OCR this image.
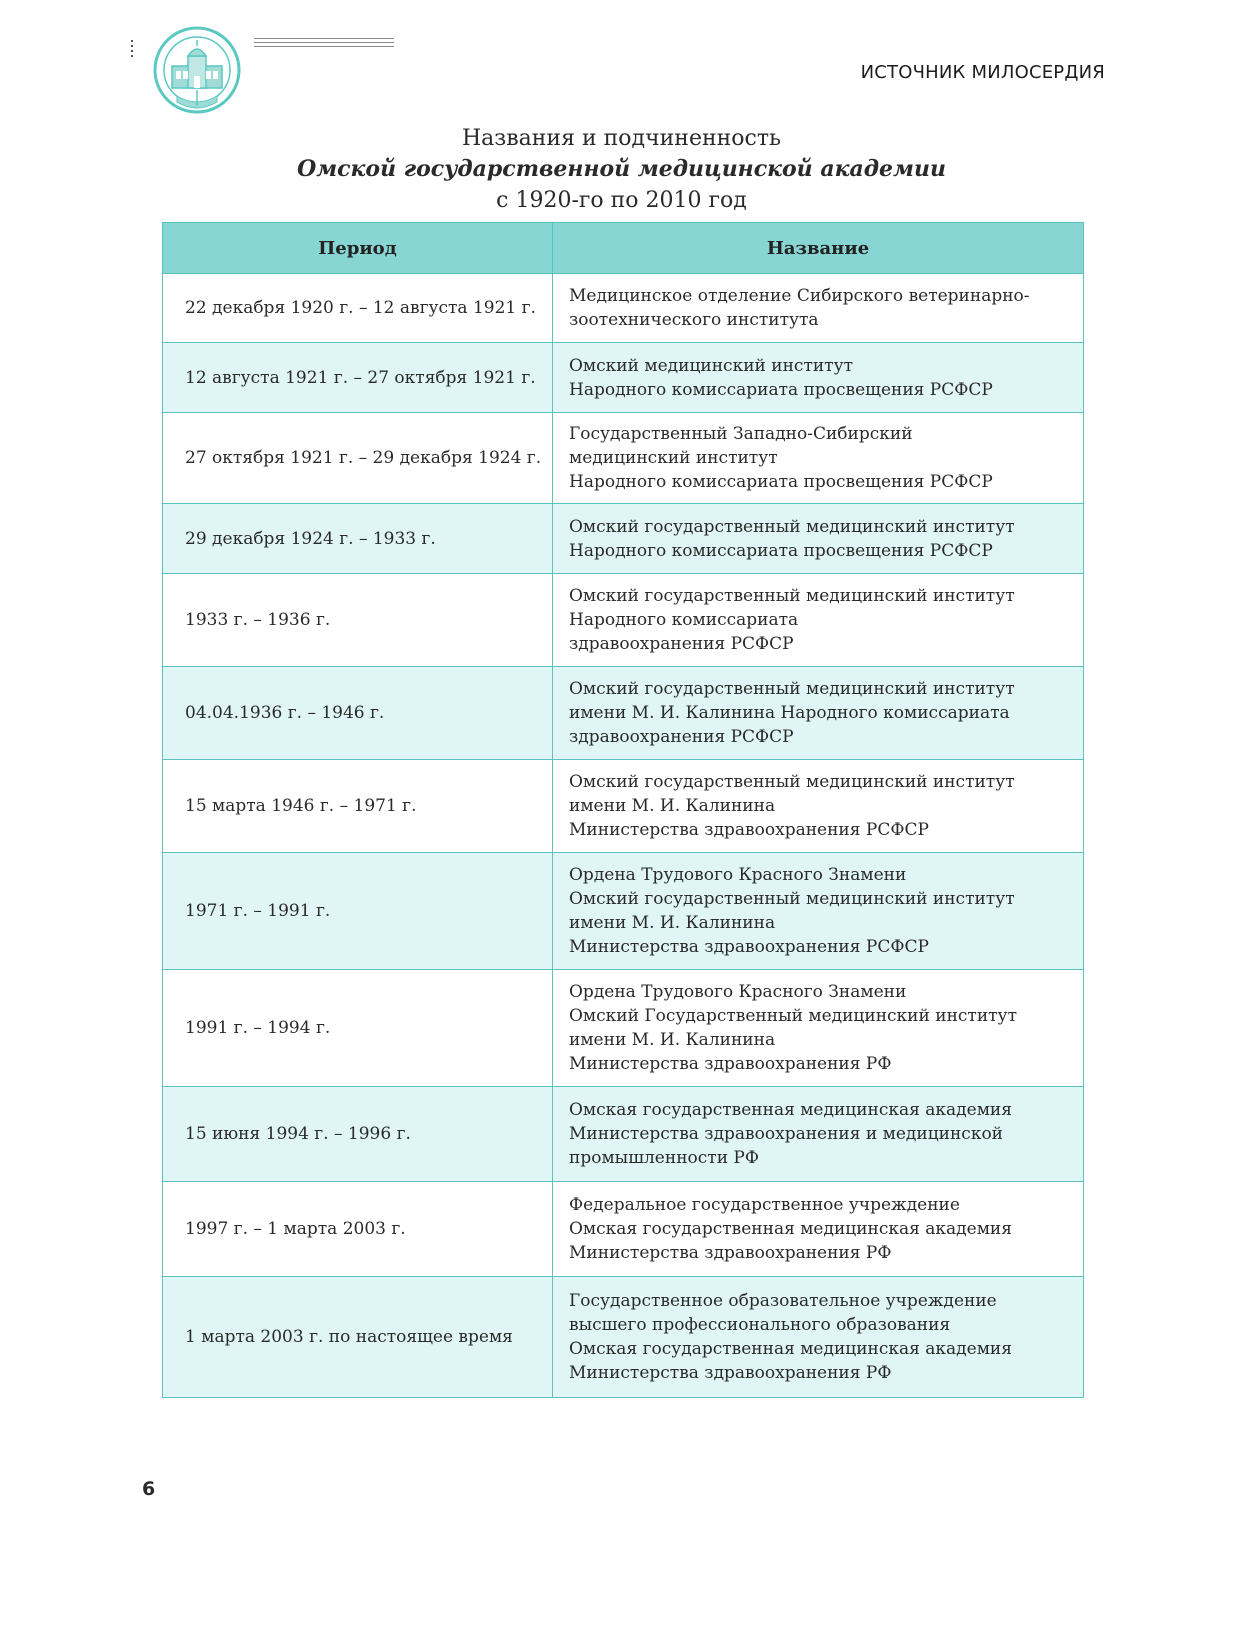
ИСТОЧНИК МИЛОСЕРДИЯ
Названия и подчиненность
Омской государственной медицинской академии
с 1920-го по 2010 год
Период	Название
22 декабря 1920 г. – 12 августа 1921 г.	Медицинское отделение Сибирского ветеринарно-
зоотехнического института

12 августа 1921 г. – 27 октября 1921 г.	Омский медицинский институт
Народного комиссариата просвещения РСФСР

27 октября 1921 г. – 29 декабря 1924 г.	Государственный Западно-Сибирский
медицинский институт
Народного комиссариата просвещения РСФСР

29 декабря 1924 г. – 1933 г.	Омский государственный медицинский институт
Народного комиссариата просвещения РСФСР

1933 г. – 1936 г.	Омский государственный медицинский институт
Народного комиссариата
здравоохранения РСФСР

04.04.1936 г. – 1946 г.	Омский государственный медицинский институт
имени М. И. Калинина Народного комиссариата
здравоохранения РСФСР

15 марта 1946 г. – 1971 г.	Омский государственный медицинский институт
имени М. И. Калинина
Министерства здравоохранения РСФСР

1971 г. – 1991 г.	Ордена Трудового Красного Знамени
Омский государственный медицинский институт
имени М. И. Калинина
Министерства здравоохранения РСФСР

1991 г. – 1994 г.	Ордена Трудового Красного Знамени
Омский Государственный медицинский институт
имени М. И. Калинина
Министерства здравоохранения РФ

15 июня 1994 г. – 1996 г.	Омская государственная медицинская академия
Министерства здравоохранения и медицинской
промышленности РФ

1997 г. – 1 марта 2003 г.	Федеральное государственное учреждение
Омская государственная медицинская академия
Министерства здравоохранения РФ

1 марта 2003 г. по настоящее время	Государственное образовательное учреждение
высшего профессионального образования
Омская государственная медицинская академия
Министерства здравоохранения РФ
6
